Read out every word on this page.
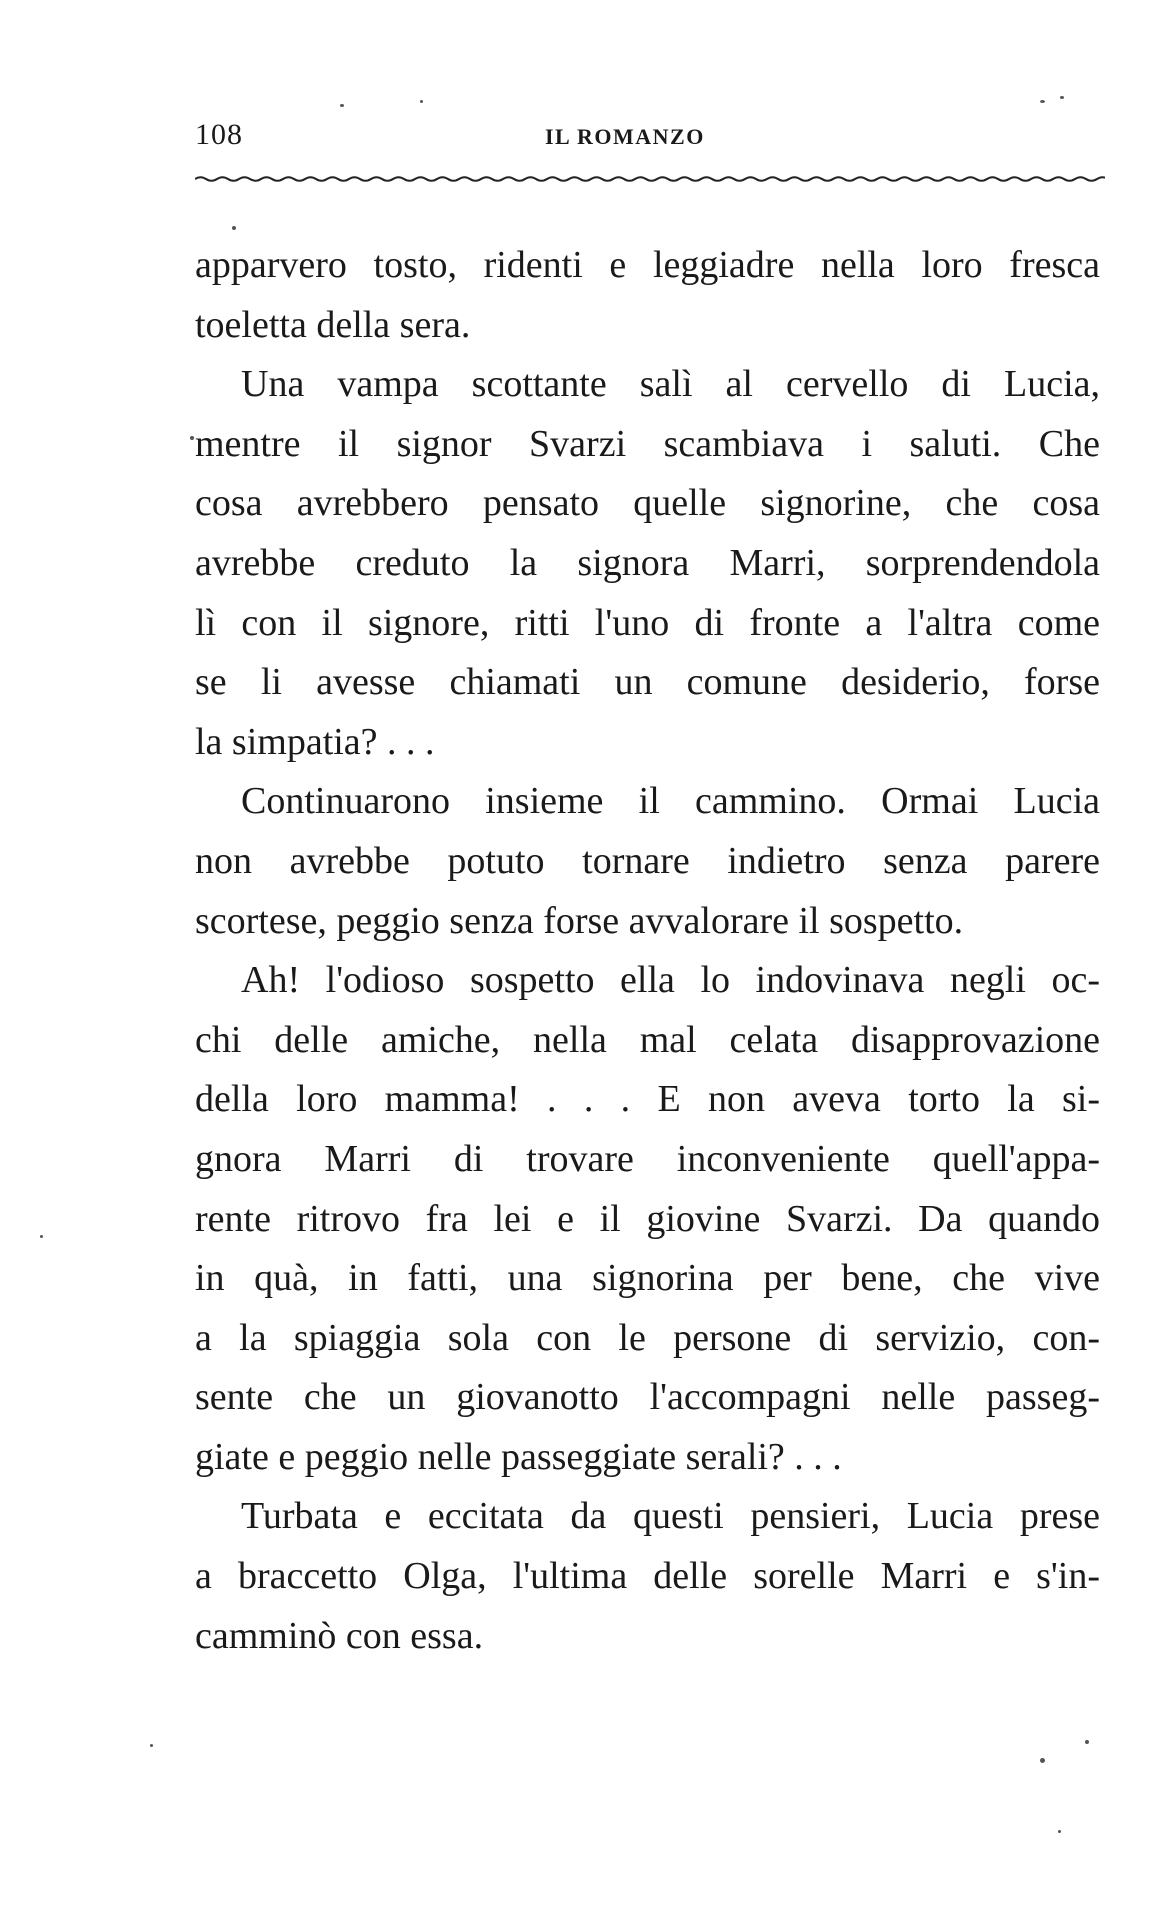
108	IL ROMANZO
apparvero tosto, ridenti e leggiadre nella loro fresca
toeletta della sera.
Una vampa scottante salì al cervello di Lucia,
mentre il signor Svarzi scambiava i saluti. Che
cosa avrebbero pensato quelle signorine, che cosa
avrebbe creduto la signora Marri, sorprendendola
lì con il signore, ritti l'uno di fronte a l'altra come
se li avesse chiamati un comune desiderio, forse
la simpatia? . . .
Continuarono insieme il cammino. Ormai Lucia
non avrebbe potuto tornare indietro senza parere
scortese, peggio senza forse avvalorare il sospetto.
Ah! l'odioso sospetto ella lo indovinava negli oc-
chi delle amiche, nella mal celata disapprovazione
della loro mamma! . . . E non aveva torto la si-
gnora Marri di trovare inconveniente quell'appa-
rente ritrovo fra lei e il giovine Svarzi. Da quando
in quà, in fatti, una signorina per bene, che vive
a la spiaggia sola con le persone di servizio, con-
sente che un giovanotto l'accompagni nelle passeg-
giate e peggio nelle passeggiate serali? . . .
Turbata e eccitata da questi pensieri, Lucia prese
a braccetto Olga, l'ultima delle sorelle Marri e s'in-
camminò con essa.
